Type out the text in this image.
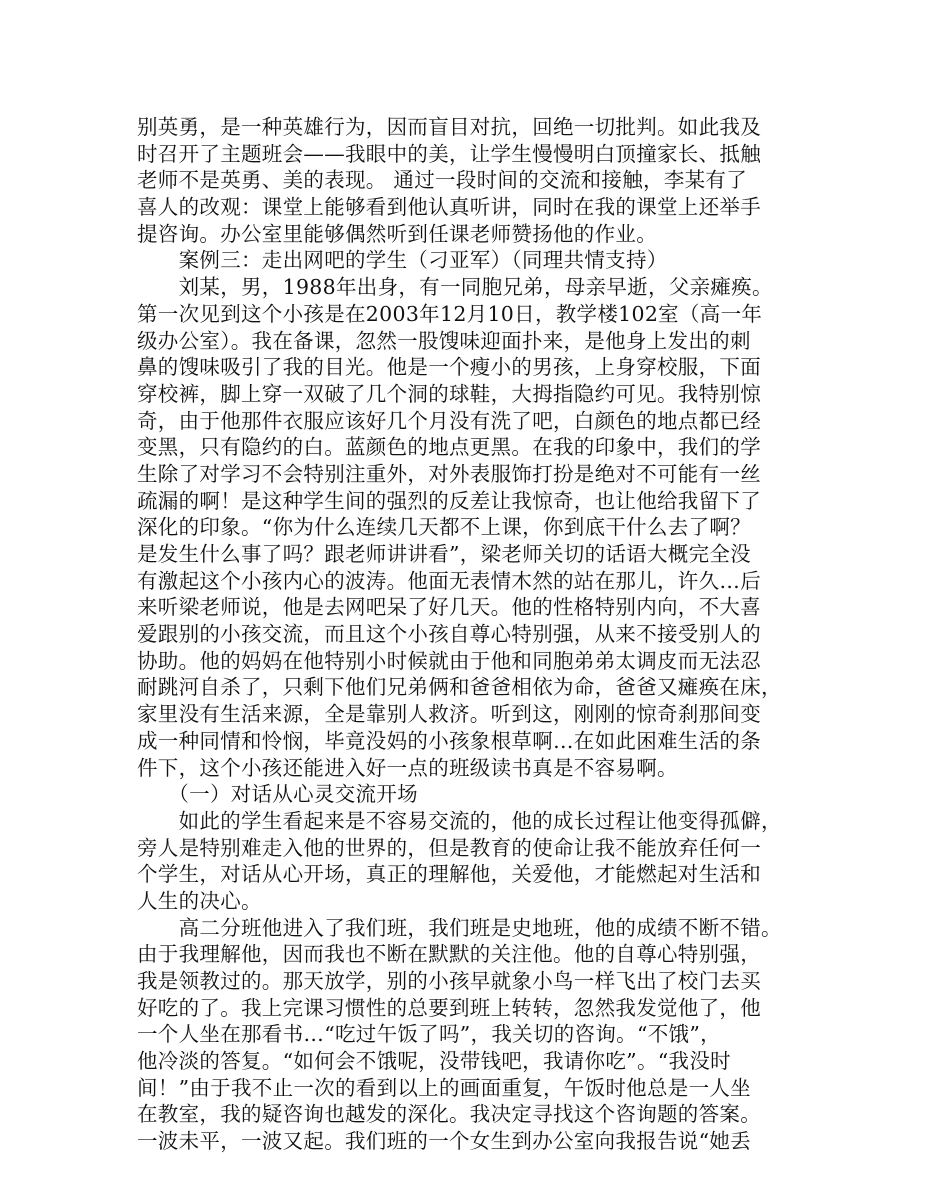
别英勇，是一种英雄行为，因而盲目对抗，回绝一切批判。如此我及
时召开了主题班会——我眼中的美，让学生慢慢明白顶撞家长、抵触
老师不是英勇、美的表现。 通过一段时间的交流和接触，李某有了
喜人的改观：课堂上能够看到他认真听讲，同时在我的课堂上还举手
提咨询。办公室里能够偶然听到任课老师赞扬他的作业。
　　案例三：走出网吧的学生（刁亚军）（同理共情支持）
　　刘某，男，1988年出身，有一同胞兄弟，母亲早逝，父亲瘫痪。
第一次见到这个小孩是在2003年12月10日，教学楼102室（高一年
级办公室）。我在备课，忽然一股馊味迎面扑来，是他身上发出的刺
鼻的馊味吸引了我的目光。他是一个瘦小的男孩，上身穿校服，下面
穿校裤，脚上穿一双破了几个洞的球鞋，大拇指隐约可见。我特别惊
奇，由于他那件衣服应该好几个月没有洗了吧，白颜色的地点都已经
变黑，只有隐约的白。蓝颜色的地点更黑。在我的印象中，我们的学
生除了对学习不会特别注重外，对外表服饰打扮是绝对不可能有一丝
疏漏的啊！是这种学生间的强烈的反差让我惊奇，也让他给我留下了
深化的印象。“你为什么连续几天都不上课，你到底干什么去了啊？
是发生什么事了吗？跟老师讲讲看”，梁老师关切的话语大概完全没
有激起这个小孩内心的波涛。他面无表情木然的站在那儿，许久…后
来听梁老师说，他是去网吧呆了好几天。他的性格特别内向，不大喜
爱跟别的小孩交流，而且这个小孩自尊心特别强，从来不接受别人的
协助。他的妈妈在他特别小时候就由于他和同胞弟弟太调皮而无法忍
耐跳河自杀了，只剩下他们兄弟俩和爸爸相依为命，爸爸又瘫痪在床，
家里没有生活来源，全是靠别人救济。听到这，刚刚的惊奇刹那间变
成一种同情和怜悯，毕竟没妈的小孩象根草啊…在如此困难生活的条
件下，这个小孩还能进入好一点的班级读书真是不容易啊。
　　（一）对话从心灵交流开场
　　如此的学生看起来是不容易交流的，他的成长过程让他变得孤僻，
旁人是特别难走入他的世界的，但是教育的使命让我不能放弃任何一
个学生，对话从心开场，真正的理解他，关爱他，才能燃起对生活和
人生的决心。
　　高二分班他进入了我们班，我们班是史地班，他的成绩不断不错。
由于我理解他，因而我也不断在默默的关注他。他的自尊心特别强，
我是领教过的。那天放学，别的小孩早就象小鸟一样飞出了校门去买
好吃的了。我上完课习惯性的总要到班上转转，忽然我发觉他了，他
一个人坐在那看书…“吃过午饭了吗”，我关切的咨询。“不饿”，
他冷淡的答复。“如何会不饿呢，没带钱吧，我请你吃”。“我没时
间！”由于我不止一次的看到以上的画面重复，午饭时他总是一人坐
在教室，我的疑咨询也越发的深化。我决定寻找这个咨询题的答案。
一波未平，一波又起。我们班的一个女生到办公室向我报告说“她丢
